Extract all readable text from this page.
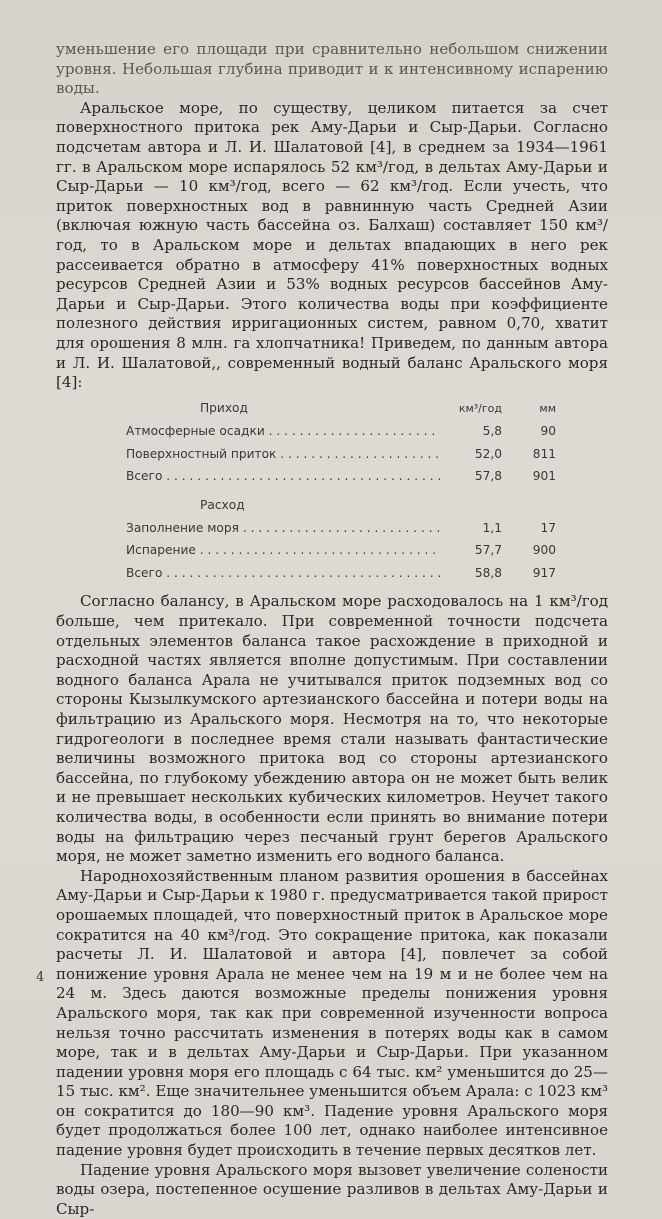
уменьшение его площади при сравнительно небольшом снижении уровня. Небольшая глубина приводит и к интенсивному испарению воды.

Аральское море, по существу, целиком питается за счет поверхностного притока рек Аму-Дарьи и Сыр-Дарьи. Согласно подсчетам автора и Л. И. Шалатовой [4], в среднем за 1934—1961 гг. в Аральском море испарялось 52 км³/год, в дельтах Аму-Дарьи и Сыр-Дарьи — 10 км³/год, всего — 62 км³/год. Если учесть, что приток поверхностных вод в равнинную часть Средней Азии (включая южную часть бассейна оз. Балхаш) составляет 150 км³/год, то в Аральском море и дельтах впадающих в него рек рассеивается обратно в атмосферу 41% поверхностных водных ресурсов Средней Азии и 53% водных ресурсов бассейнов Аму-Дарьи и Сыр-Дарьи. Этого количества воды при коэффициенте полезного действия ирригационных систем, равном 0,70, хватит для орошения 8 млн. га хлопчатника! Приведем, по данным автора и Л. И. Шалатовой,, современный водный баланс Аральского моря [4]:

Приход	км³/год	мм
Атмосферные осадки . . .	5,8	90
Поверхностный приток . . .	52,0	811
Всего . . .	57,8	901
Расход
Заполнение моря . . .	1,1	17
Испарение . . .	57,7	900
Всего . . .	58,8	917

Согласно балансу, в Аральском море расходовалось на 1 км³/год больше, чем притекало. При современной точности подсчета отдельных элементов баланса такое расхождение в приходной и расходной частях является вполне допустимым. При составлении водного баланса Арала не учитывался приток подземных вод со стороны Кызылкумского артезианского бассейна и потери воды на фильтрацию из Аральского моря. Несмотря на то, что некоторые гидрогеологи в последнее время стали называть фантастические величины возможного притока вод со стороны артезианского бассейна, по глубокому убеждению автора он не может быть велик и не превышает нескольких кубических километров. Неучет такого количества воды, в особенности если принять во внимание потери воды на фильтрацию через песчаный грунт берегов Аральского моря, не может заметно изменить его водного баланса.

Народнохозяйственным планом развития орошения в бассейнах Аму-Дарьи и Сыр-Дарьи к 1980 г. предусматривается такой прирост орошаемых площадей, что поверхностный приток в Аральское море сократится на 40 км³/год. Это сокращение притока, как показали расчеты Л. И. Шалатовой и автора [4], повлечет за собой понижение уровня Арала не менее чем на 19 м и не более чем на 24 м. Здесь даются возможные пределы понижения уровня Аральского моря, так как при современной изученности вопроса нельзя точно рассчитать изменения в потерях воды как в самом море, так и в дельтах Аму-Дарьи и Сыр-Дарьи. При указанном падении уровня моря его площадь с 64 тыс. км² уменьшится до 25—15 тыс. км². Еще значительнее уменьшится объем Арала: с 1023 км³ он сократится до 180—90 км³. Падение уровня Аральского моря будет продолжаться более 100 лет, однако наиболее интенсивное падение уровня будет происходить в течение первых десятков лет.

Падение уровня Аральского моря вызовет увеличение солености воды озера, постепенное осушение разливов в дельтах Аму-Дарьи и Сыр-

4
